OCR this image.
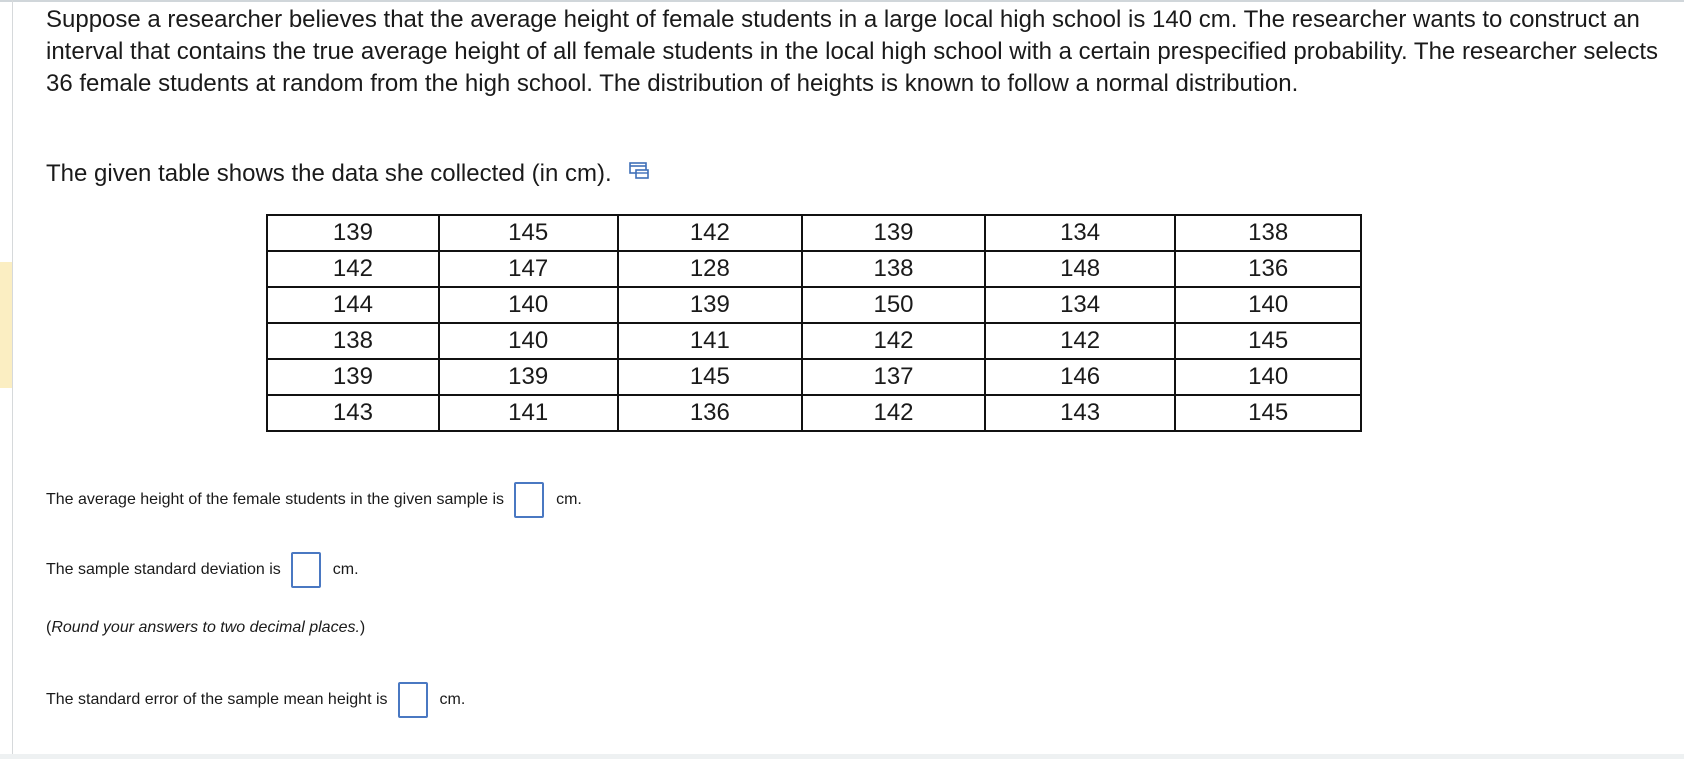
Suppose a researcher believes that the average height of female students in a large local high school is 140 cm. The researcher wants to construct an interval that contains the true average height of all female students in the local high school with a certain prespecified probability. The researcher selects 36 female students at random from the high school. The distribution of heights is known to follow a normal distribution.

The given table shows the data she collected (in cm).
139	145	142	139	134	138
142	147	128	138	148	136
144	140	139	150	134	140
138	140	141	142	142	145
139	139	145	137	146	140
143	141	136	142	143	145
The average height of the female students in the given sample is	cm.
The sample standard deviation is	cm.
( Round your answers to two decimal places. )
The standard error of the sample mean height is	cm.
